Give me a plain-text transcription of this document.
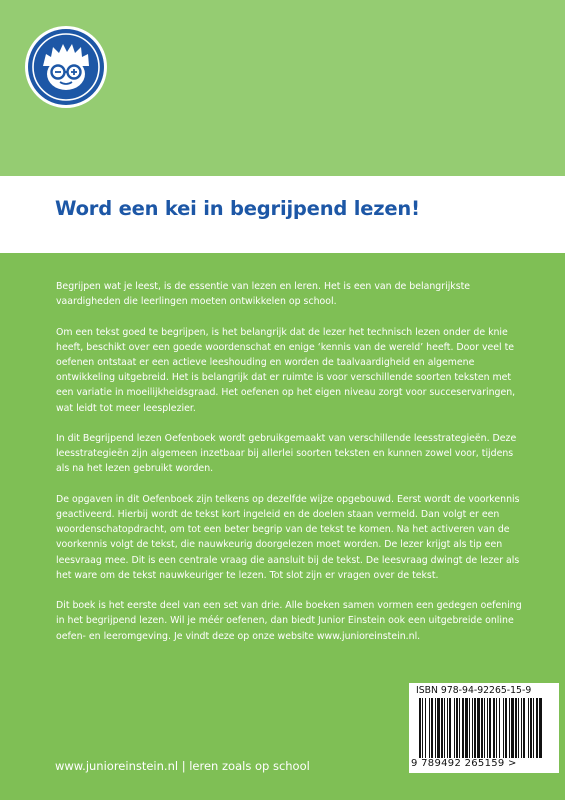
Word een kei in begrijpend lezen!

Begrijpen wat je leest, is de essentie van lezen en leren. Het is een van de belangrijkste vaardigheden die leerlingen moeten ontwikkelen op school.

Om een tekst goed te begrijpen, is het belangrijk dat de lezer het technisch lezen onder de knie heeft, beschikt over een goede woordenschat en enige ‘kennis van de wereld’ heeft. Door veel te oefenen ontstaat er een actieve leeshouding en worden de taalvaardigheid en algemene ontwikkeling uitgebreid. Het is belangrijk dat er ruimte is voor verschillende soorten teksten met een variatie in moeilijkheidsgraad. Het oefenen op het eigen niveau zorgt voor succeservaringen, wat leidt tot meer leesplezier.

In dit Begrijpend lezen Oefenboek wordt gebruikgemaakt van verschillende leesstrategieën. Deze leesstrategieën zijn algemeen inzetbaar bij allerlei soorten teksten en kunnen zowel voor, tijdens als na het lezen gebruikt worden.

De opgaven in dit Oefenboek zijn telkens op dezelfde wijze opgebouwd. Eerst wordt de voorkennis geactiveerd. Hierbij wordt de tekst kort ingeleid en de doelen staan vermeld. Dan volgt er een woordenschatopdracht, om tot een beter begrip van de tekst te komen. Na het activeren van de voorkennis volgt de tekst, die nauwkeurig doorgelezen moet worden. De lezer krijgt als tip een leesvraag mee. Dit is een centrale vraag die aansluit bij de tekst. De leesvraag dwingt de lezer als het ware om de tekst nauwkeuriger te lezen. Tot slot zijn er vragen over de tekst.

Dit boek is het eerste deel van een set van drie. Alle boeken samen vormen een gedegen oefening in het begrijpend lezen. Wil je méér oefenen, dan biedt Junior Einstein ook een uitgebreide online oefen- en leeromgeving. Je vindt deze op onze website www.junioreinstein.nl.

ISBN 978-94-92265-15-9
9 789492 265159 >
www.junioreinstein.nl | leren zoals op school
